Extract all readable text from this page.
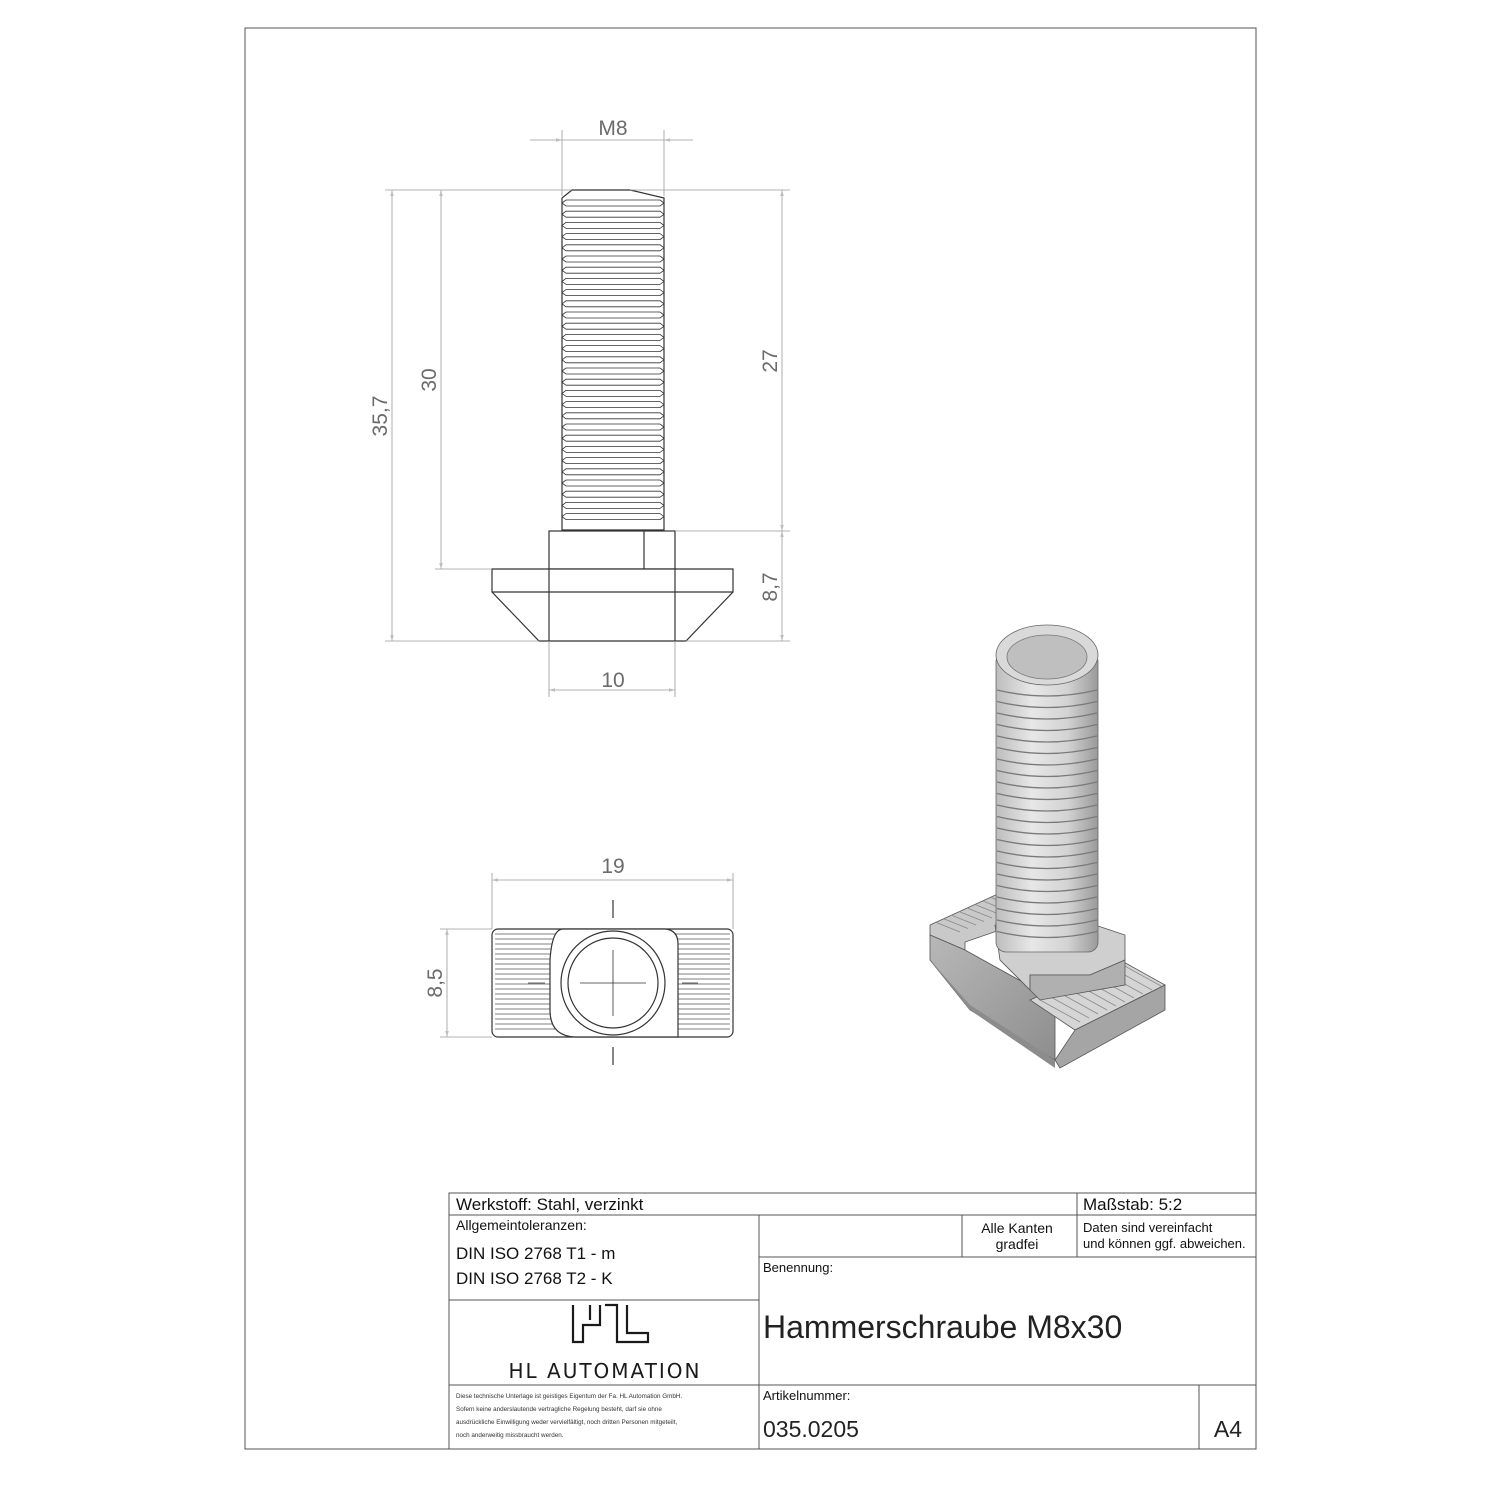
M8
35,7
30
27
8,7
10
19
8,5
Werkstoff: Stahl, verzinkt	Maßstab: 5:2
Allgemeintoleranzen:
DIN ISO 2768 T1 - m
DIN ISO 2768 T2 - K
Alle Kanten
gradfei
Daten sind vereinfacht
und können ggf. abweichen.
Benennung:
Hammerschraube M8x30
Artikelnummer:
035.0205	A4
HL AUTOMATION
Diese technische Unterlage ist geistiges Eigentum der Fa. HL Automation GmbH.
Sofern keine anderslautende vertragliche Regelung besteht, darf sie ohne
ausdrückliche Einwilligung weder vervielfältigt, noch dritten Personen mitgeteilt,
noch anderweitig missbraucht werden.
